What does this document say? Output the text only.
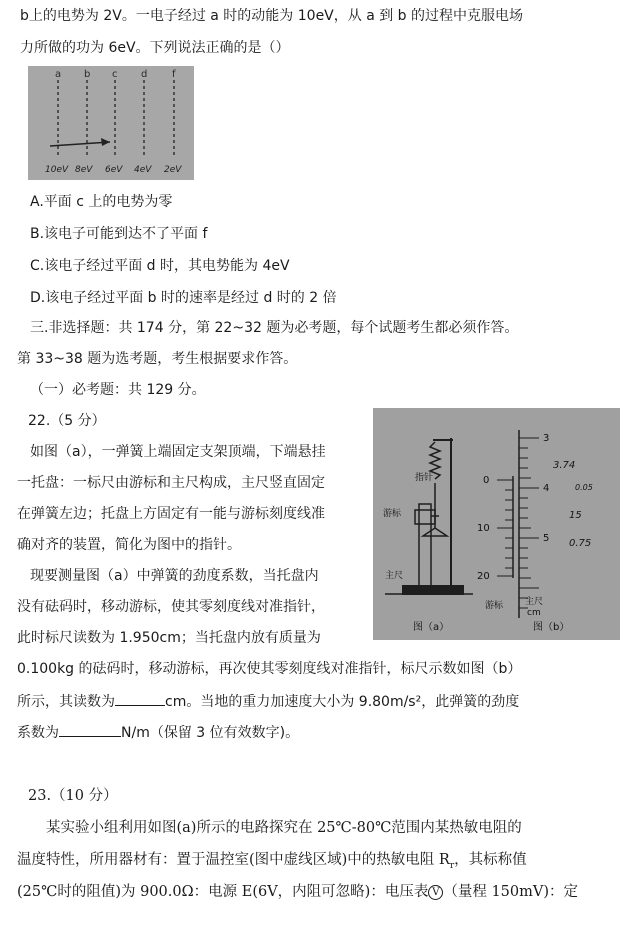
b上的电势为 2V。一电子经过 a 时的动能为 10eV，从 a 到 b 的过程中克服电场

力所做的功为 6eV。下列说法正确的是（）

a b c d f
10eV 8eV 6eV 4eV 2eV

A.平面 c 上的电势为零

B.该电子可能到达不了平面 f

C.该电子经过平面 d 时，其电势能为 4eV

D.该电子经过平面 b 时的速率是经过 d 时的 2 倍

三.非选择题：共 174 分，第 22~32 题为必考题，每个试题考生都必须作答。

第 33~38 题为选考题，考生根据要求作答。

（一）必考题：共 129 分。

22.（5 分）

如图（a），一弹簧上端固定支架顶端，下端悬挂

一托盘：一标尺由游标和主尺构成，主尺竖直固定

在弹簧左边；托盘上方固定有一能与游标刻度线准

确对齐的装置，简化为图中的指针。

现要测量图（a）中弹簧的劲度系数，当托盘内

没有砝码时，移动游标，使其零刻度线对准指针，

此时标尺读数为 1.950cm；当托盘内放有质量为

0.100kg 的砝码时，移动游标，再次使其零刻度线对准指针，标尺示数如图（b）

所示，其读数为	cm。当地的重力加速度大小为 9.80m/s²，此弹簧的劲度

系数为	N/m（保留 3 位有效数字)。

指针
游标
主尺
图（a）
0
10
20
3
4
5
游标 主尺
cm
图（b）
3.74
0.05
15
0.75

23.（10 分）

某实验小组利用如图(a)所示的电路探究在 25℃-80℃范围内某热敏电阻的

温度特性，所用器材有：置于温控室(图中虚线区域)中的热敏电阻 $R_r$，其标称值

(25℃时的阻值)为 900.0Ω：电源 E(6V，内阻可忽略)：电压表 V （量程 150mV)：定
